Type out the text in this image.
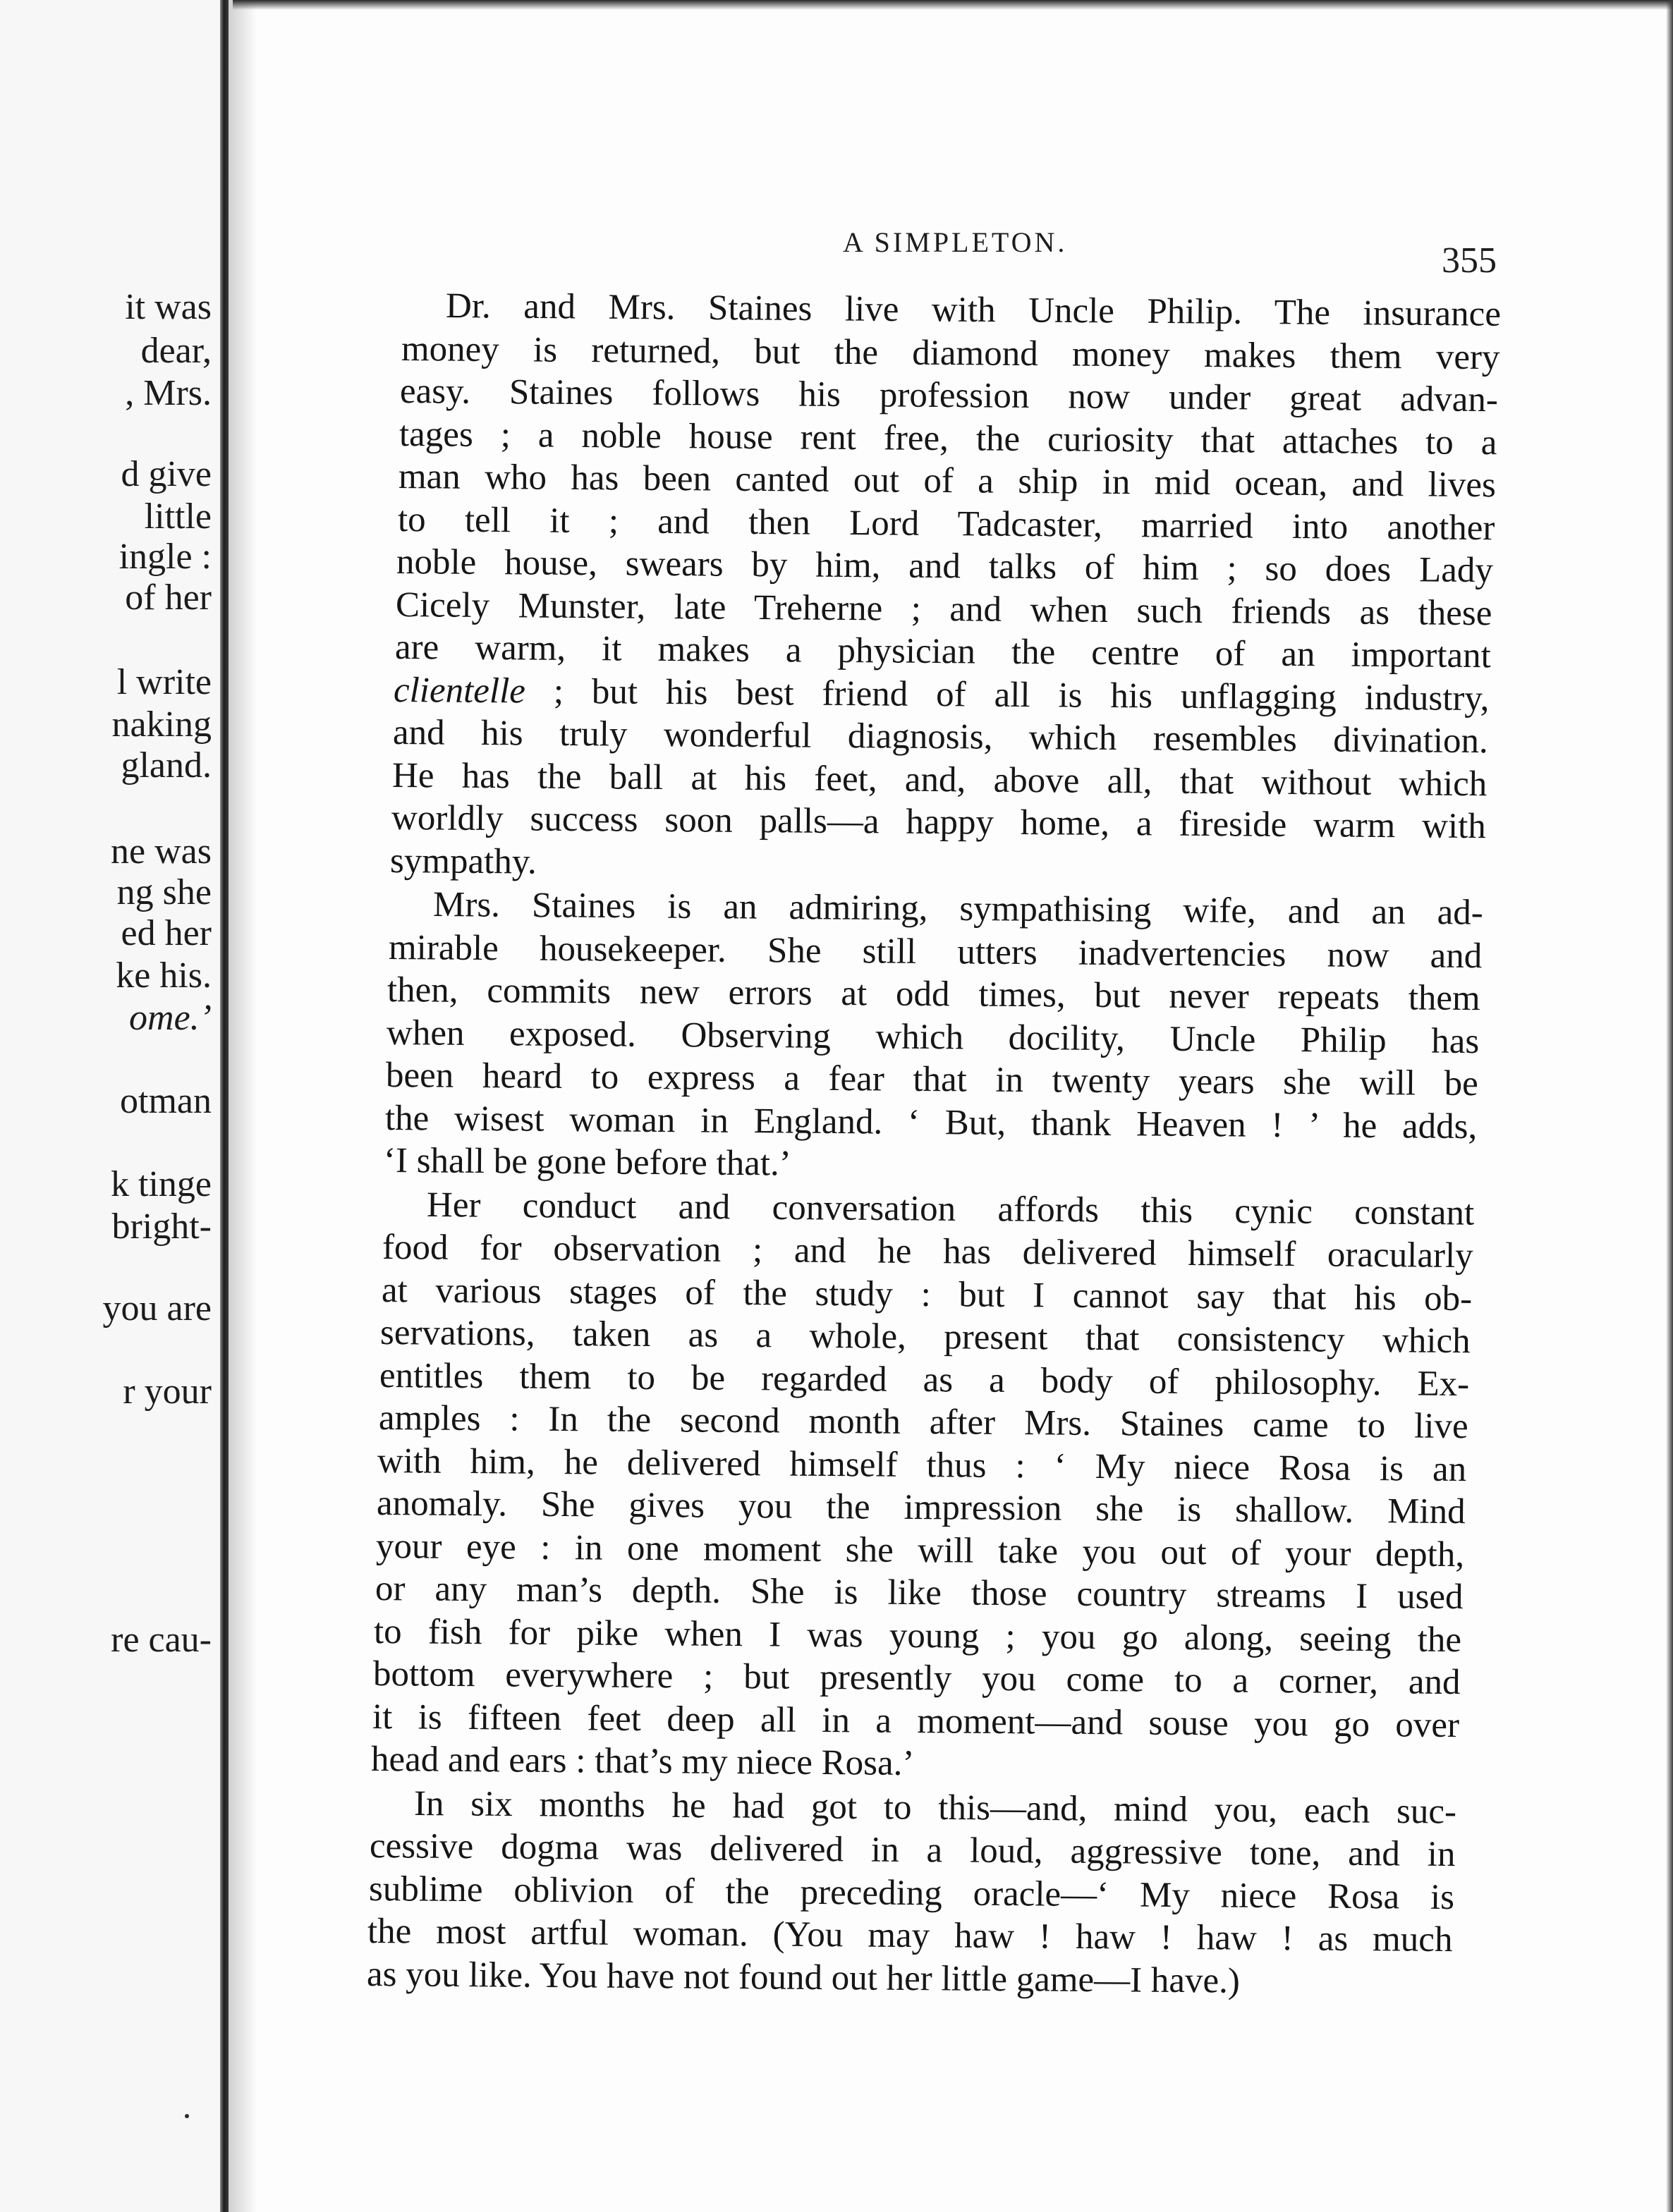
it was
dear,
, Mrs.
d give
little
ingle :
of her
l write
naking
gland.
ne was
ng she
ed her
ke his.
ome.’
otman
k tinge
bright-
you are
r your
re cau-
A SIMPLETON.	355
Dr. and Mrs. Staines live with Uncle Philip. The insurance
money is returned, but the diamond money makes them very
easy. Staines follows his profession now under great advan-
tages ; a noble house rent free, the curiosity that attaches to a
man who has been canted out of a ship in mid ocean, and lives
to tell it ; and then Lord Tadcaster, married into another
noble house, swears by him, and talks of him ; so does Lady
Cicely Munster, late Treherne ; and when such friends as these
are warm, it makes a physician the centre of an important
clientelle ; but his best friend of all is his unflagging industry,
and his truly wonderful diagnosis, which resembles divination.
He has the ball at his feet, and, above all, that without which
worldly success soon palls—a happy home, a fireside warm with
sympathy.
Mrs. Staines is an admiring, sympathising wife, and an ad-
mirable housekeeper. She still utters inadvertencies now and
then, commits new errors at odd times, but never repeats them
when exposed. Observing which docility, Uncle Philip has
been heard to express a fear that in twenty years she will be
the wisest woman in England. ‘ But, thank Heaven ! ’ he adds,
‘I shall be gone before that.’
Her conduct and conversation affords this cynic constant
food for observation ; and he has delivered himself oracularly
at various stages of the study : but I cannot say that his ob-
servations, taken as a whole, present that consistency which
entitles them to be regarded as a body of philosophy. Ex-
amples : In the second month after Mrs. Staines came to live
with him, he delivered himself thus : ‘ My niece Rosa is an
anomaly. She gives you the impression she is shallow. Mind
your eye : in one moment she will take you out of your depth,
or any man’s depth. She is like those country streams I used
to fish for pike when I was young ; you go along, seeing the
bottom everywhere ; but presently you come to a corner, and
it is fifteen feet deep all in a moment—and souse you go over
head and ears : that’s my niece Rosa.’
In six months he had got to this—and, mind you, each suc-
cessive dogma was delivered in a loud, aggressive tone, and in
sublime oblivion of the preceding oracle—‘ My niece Rosa is
the most artful woman. (You may haw ! haw ! haw ! as much
as you like. You have not found out her little game—I have.)
